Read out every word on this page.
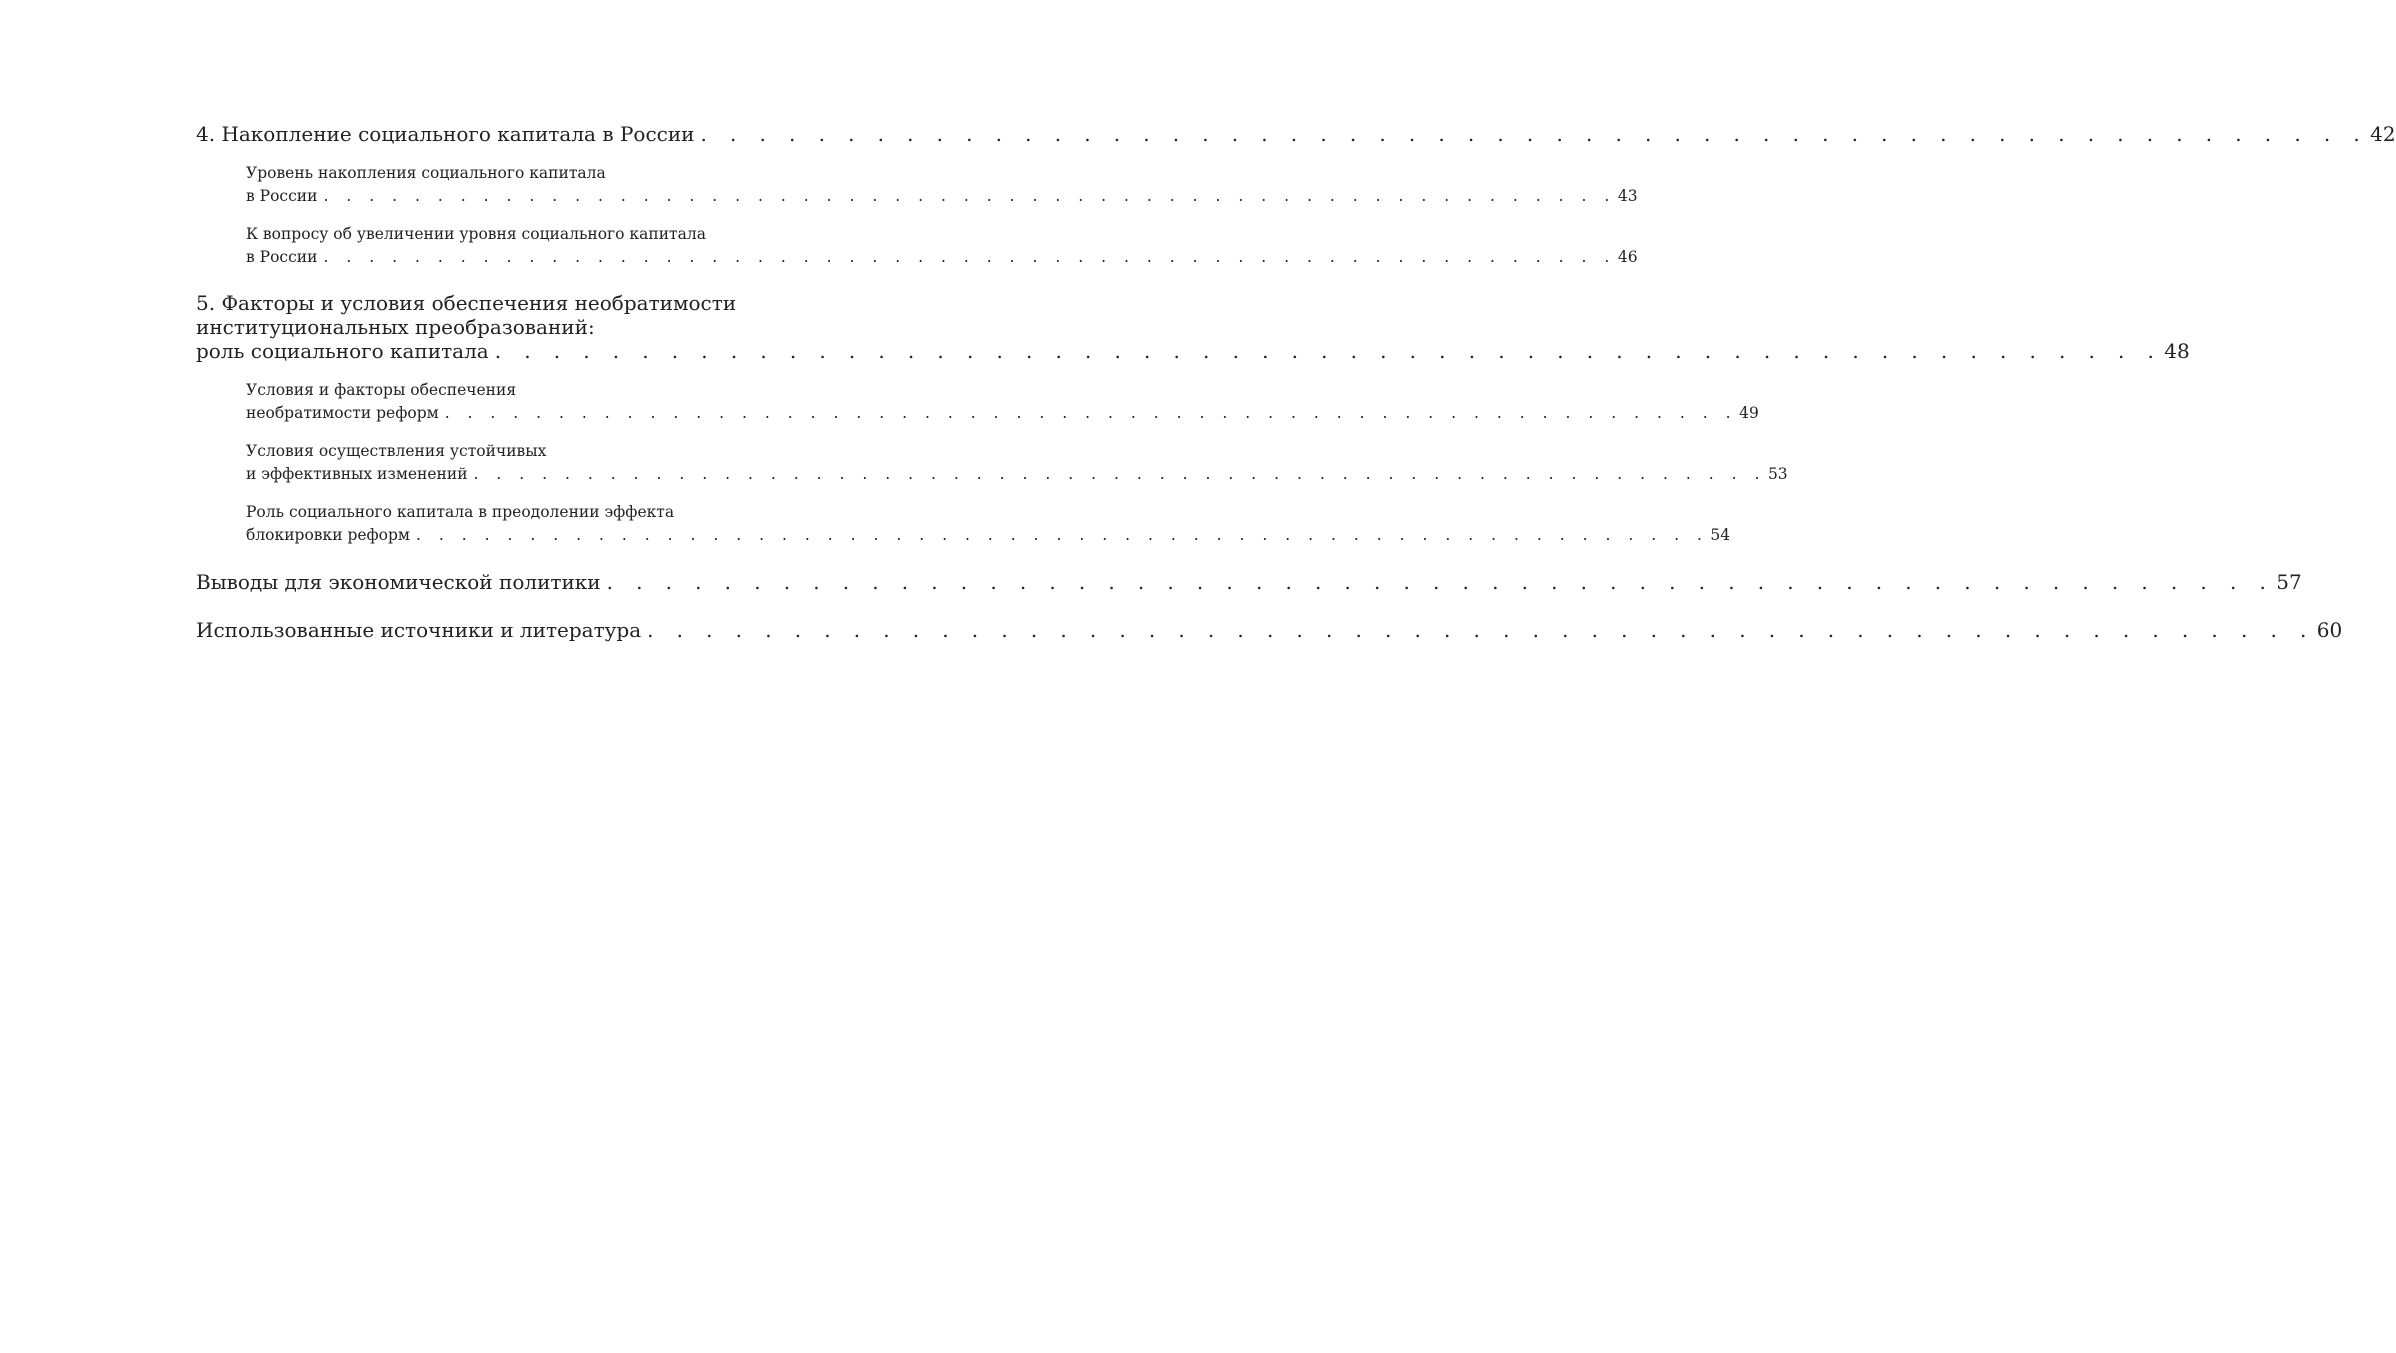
4. Накопление социального капитала в России . . . . . . . . . . . . . . . . . . . . . . . . . . . . . . . . . . . . . . . . . . . . . . . . . . . . . . . . . 42
Уровень накопления социального капитала
в России . . . . . . . . . . . . . . . . . . . . . . . . . . . . . . . . . . . . . . . . . . . . . . . . . . . . . . . . . 43
К вопросу об увеличении уровня социального капитала
в России . . . . . . . . . . . . . . . . . . . . . . . . . . . . . . . . . . . . . . . . . . . . . . . . . . . . . . . . . 46
5. Факторы и условия обеспечения необратимости
институциональных преобразований:
роль социального капитала . . . . . . . . . . . . . . . . . . . . . . . . . . . . . . . . . . . . . . . . . . . . . . . . . . . . . . . . . 48
Условия и факторы обеспечения
необратимости реформ . . . . . . . . . . . . . . . . . . . . . . . . . . . . . . . . . . . . . . . . . . . . . . . . . . . . . . . . . 49
Условия осуществления устойчивых
и эффективных изменений . . . . . . . . . . . . . . . . . . . . . . . . . . . . . . . . . . . . . . . . . . . . . . . . . . . . . . . . . 53
Роль социального капитала в преодолении эффекта
блокировки реформ . . . . . . . . . . . . . . . . . . . . . . . . . . . . . . . . . . . . . . . . . . . . . . . . . . . . . . . . . 54
Выводы для экономической политики . . . . . . . . . . . . . . . . . . . . . . . . . . . . . . . . . . . . . . . . . . . . . . . . . . . . . . . . . 57
Использованные источники и литература . . . . . . . . . . . . . . . . . . . . . . . . . . . . . . . . . . . . . . . . . . . . . . . . . . . . . . . . . 60
